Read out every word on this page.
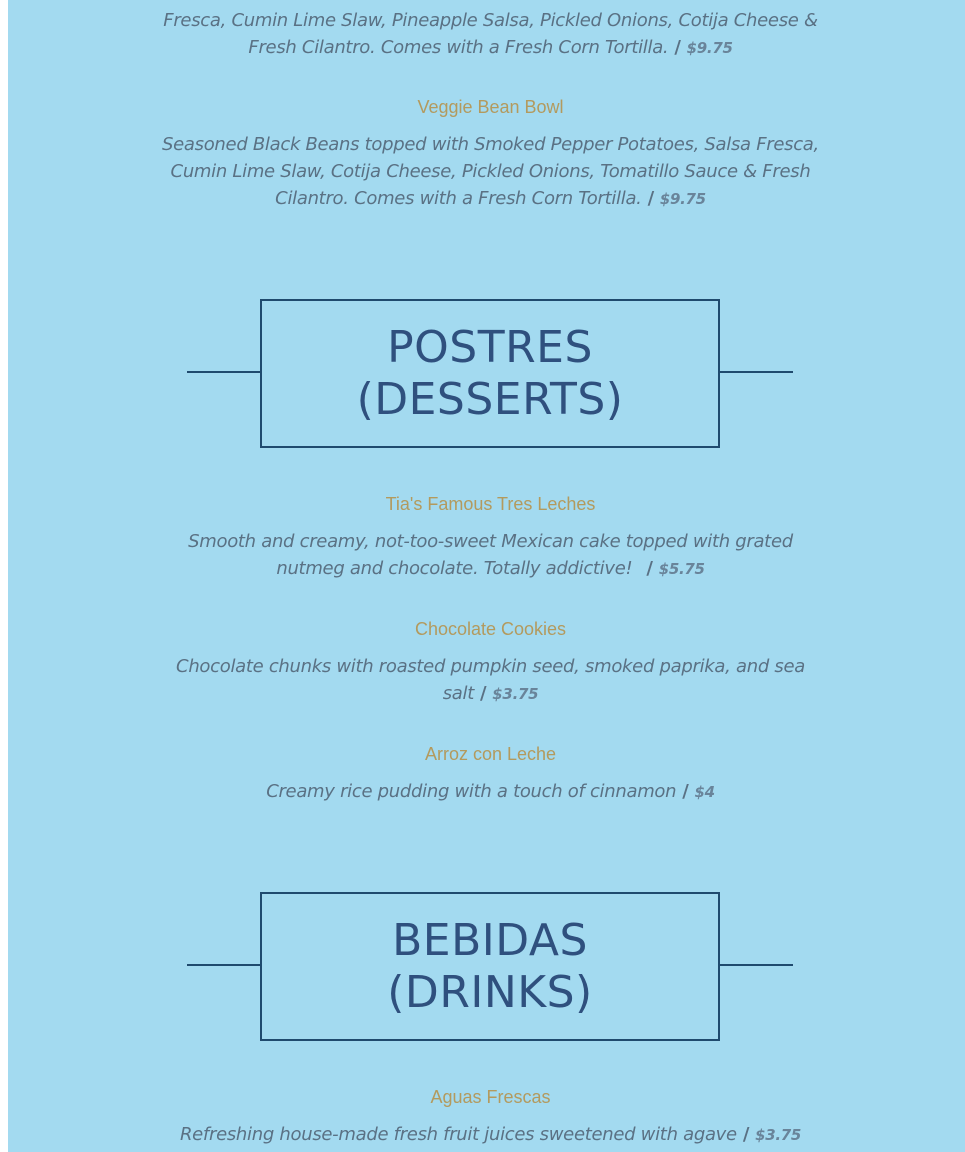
Fresca, Cumin Lime Slaw, Pineapple Salsa, Pickled Onions, Cotija Cheese &
Fresh Cilantro. Comes with a Fresh Corn Tortilla. / $9.75
Veggie Bean Bowl
Seasoned Black Beans topped with Smoked Pepper Potatoes, Salsa Fresca,
Cumin Lime Slaw, Cotija Cheese, Pickled Onions, Tomatillo Sauce & Fresh
Cilantro. Comes with a Fresh Corn Tortilla. / $9.75
POSTRES
(DESSERTS)
Tia's Famous Tres Leches
Smooth and creamy, not-too-sweet Mexican cake topped with grated
nutmeg and chocolate. Totally addictive! / $5.75
Chocolate Cookies
Chocolate chunks with roasted pumpkin seed, smoked paprika, and sea
salt / $3.75
Arroz con Leche
Creamy rice pudding with a touch of cinnamon / $4
BEBIDAS
(DRINKS)
Aguas Frescas
Refreshing house-made fresh fruit juices sweetened with agave / $3.75
